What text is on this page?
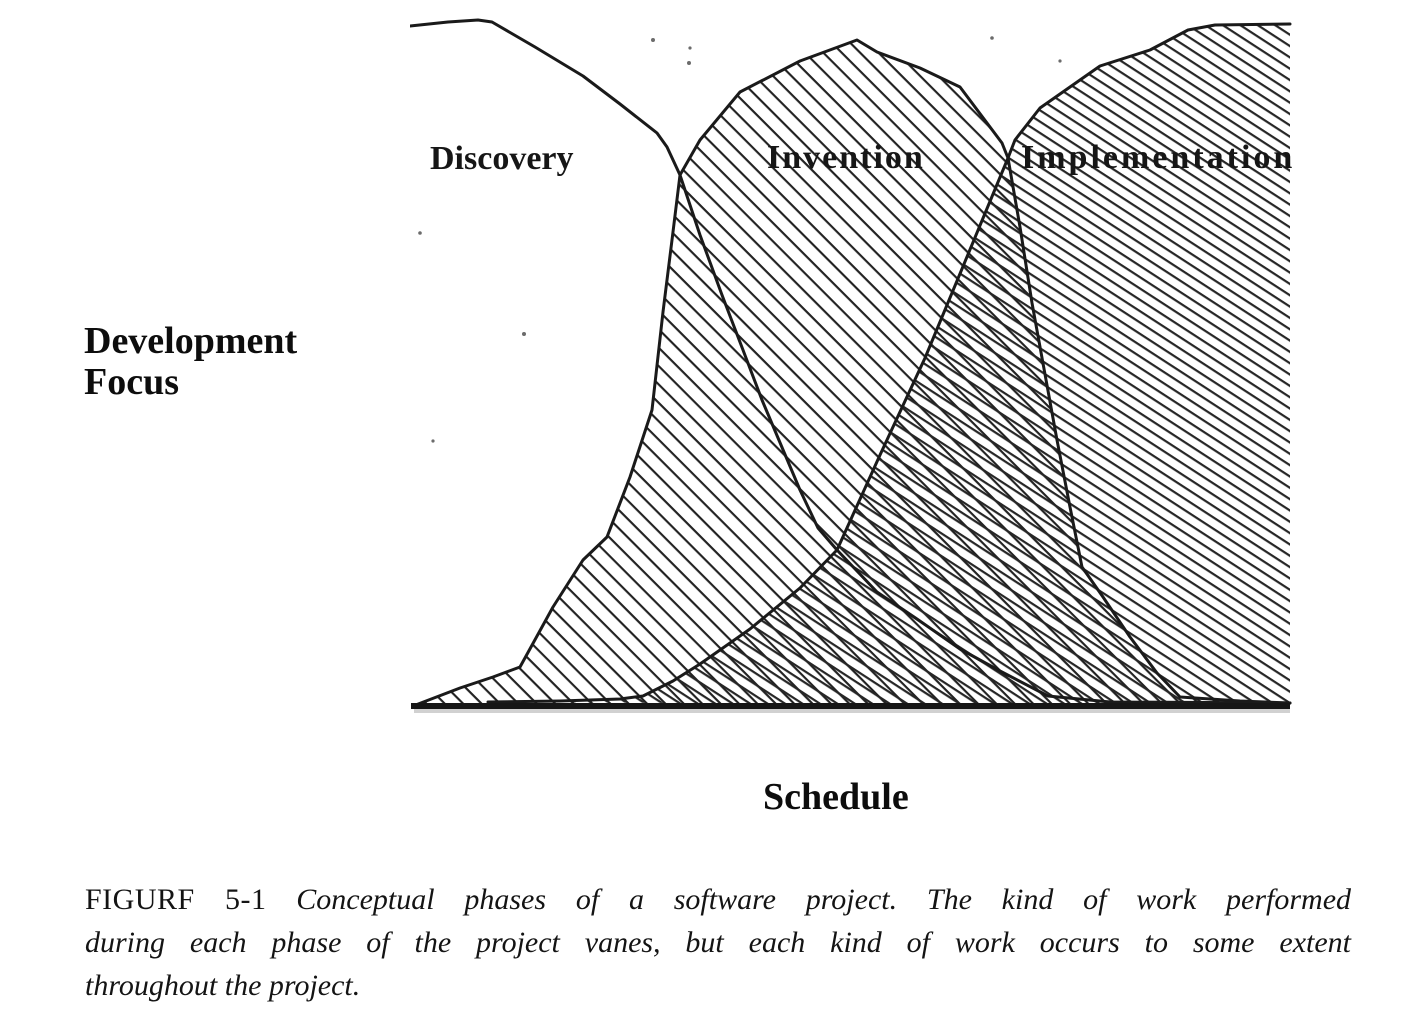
Discovery	Invention	Implementation
Development
Focus
Schedule
FIGURF 5-1 Conceptual phases of a software project. The kind of work performed
during each phase of the project vanes, but each kind of work occurs to some extent
throughout the project.
